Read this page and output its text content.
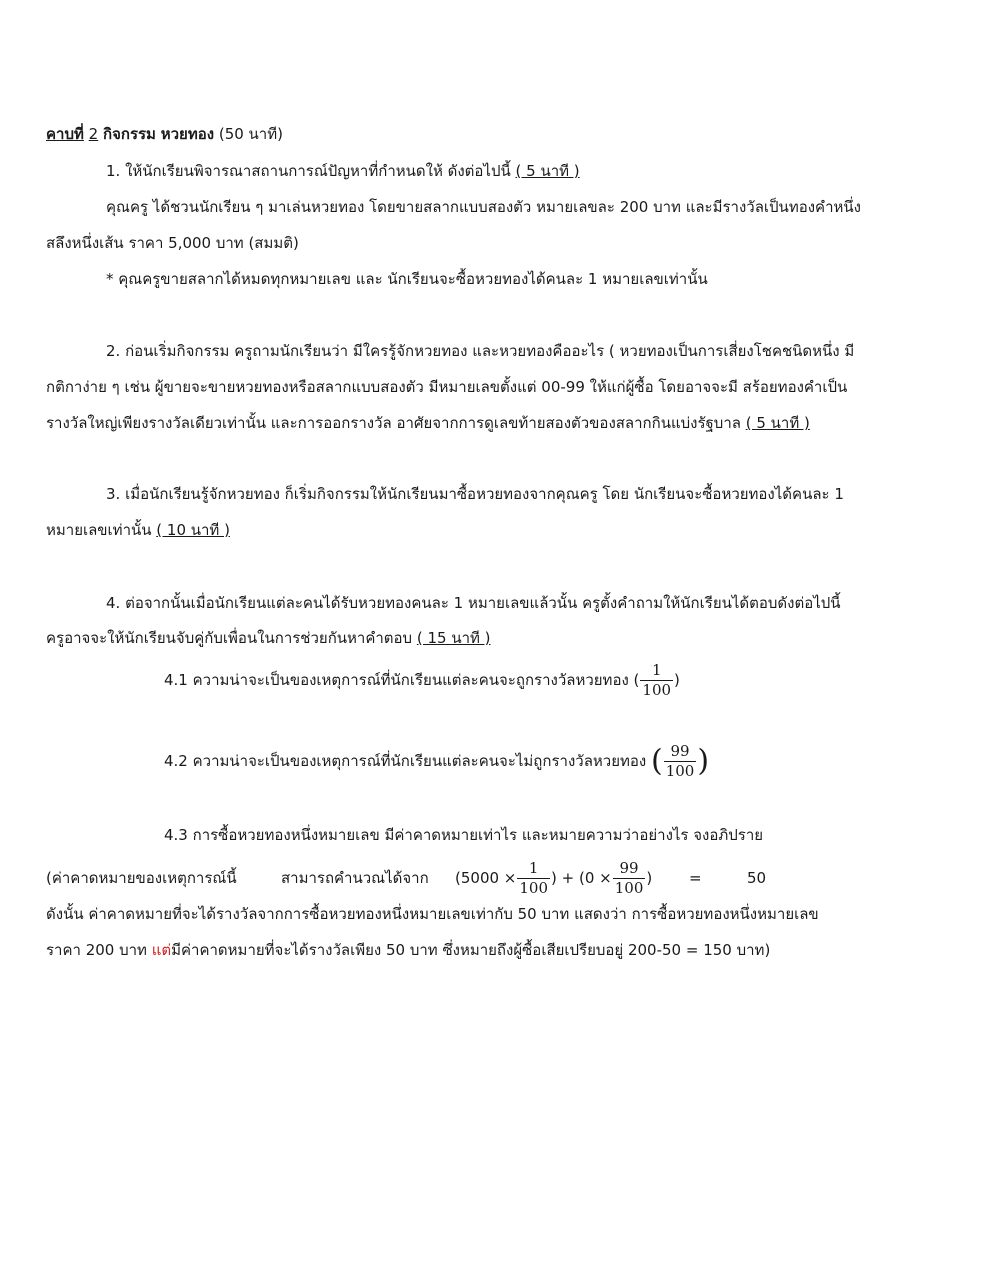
คาบที่ 2 กิจกรรม หวยทอง (50 นาที)
1. ให้นักเรียนพิจารณาสถานการณ์ปัญหาที่กำหนดให้ ดังต่อไปนี้ ( 5 นาที )
คุณครู ได้ชวนนักเรียน ๆ มาเล่นหวยทอง โดยขายสลากแบบสองตัว หมายเลขละ 200 บาท และมีรางวัลเป็นทองคำหนึ่ง
สลึงหนึ่งเส้น ราคา 5,000 บาท (สมมติ)
* คุณครูขายสลากได้หมดทุกหมายเลข และ นักเรียนจะซื้อหวยทองได้คนละ 1 หมายเลขเท่านั้น
2. ก่อนเริ่มกิจกรรม ครูถามนักเรียนว่า มีใครรู้จักหวยทอง และหวยทองคืออะไร ( หวยทองเป็นการเสี่ยงโชคชนิดหนึ่ง มี
กติกาง่าย ๆ เช่น ผู้ขายจะขายหวยทองหรือสลากแบบสองตัว มีหมายเลขตั้งแต่ 00-99 ให้แก่ผู้ซื้อ โดยอาจจะมี สร้อยทองคำเป็น
รางวัลใหญ่เพียงรางวัลเดียวเท่านั้น และการออกรางวัล อาศัยจากการดูเลขท้ายสองตัวของสลากกินแบ่งรัฐบาล ( 5 นาที )
3. เมื่อนักเรียนรู้จักหวยทอง ก็เริ่มกิจกรรมให้นักเรียนมาซื้อหวยทองจากคุณครู โดย นักเรียนจะซื้อหวยทองได้คนละ 1
หมายเลขเท่านั้น ( 10 นาที )
4. ต่อจากนั้นเมื่อนักเรียนแต่ละคนได้รับหวยทองคนละ 1 หมายเลขแล้วนั้น ครูตั้งคำถามให้นักเรียนได้ตอบดังต่อไปนี้
ครูอาจจะให้นักเรียนจับคู่กับเพื่อนในการช่วยกันหาคำตอบ ( 15 นาที )
4.1 ความน่าจะเป็นของเหตุการณ์ที่นักเรียนแต่ละคนจะถูกรางวัลหวยทอง ( $\frac{1}{100}$ )
4.2 ความน่าจะเป็นของเหตุการณ์ที่นักเรียนแต่ละคนจะไม่ถูกรางวัลหวยทอง ( $\frac{99}{100}$ )
4.3 การซื้อหวยทองหนึ่งหมายเลข มีค่าคาดหมายเท่าไร และหมายความว่าอย่างไร จงอภิปราย
(ค่าคาดหมายของเหตุการณ์นี้	สามารถคำนวณได้จาก ($5000 \times \frac{1}{100}$ ) + ($0 \times \frac{99}{100}$ ) =	50
ดังนั้น ค่าคาดหมายที่จะได้รางวัลจากการซื้อหวยทองหนึ่งหมายเลขเท่ากับ 50 บาท แสดงว่า การซื้อหวยทองหนึ่งหมายเลข
ราคา 200 บาท แต่มีค่าคาดหมายที่จะได้รางวัลเพียง 50 บาท ซึ่งหมายถึงผู้ซื้อเสียเปรียบอยู่ 200-50 = 150 บาท)
